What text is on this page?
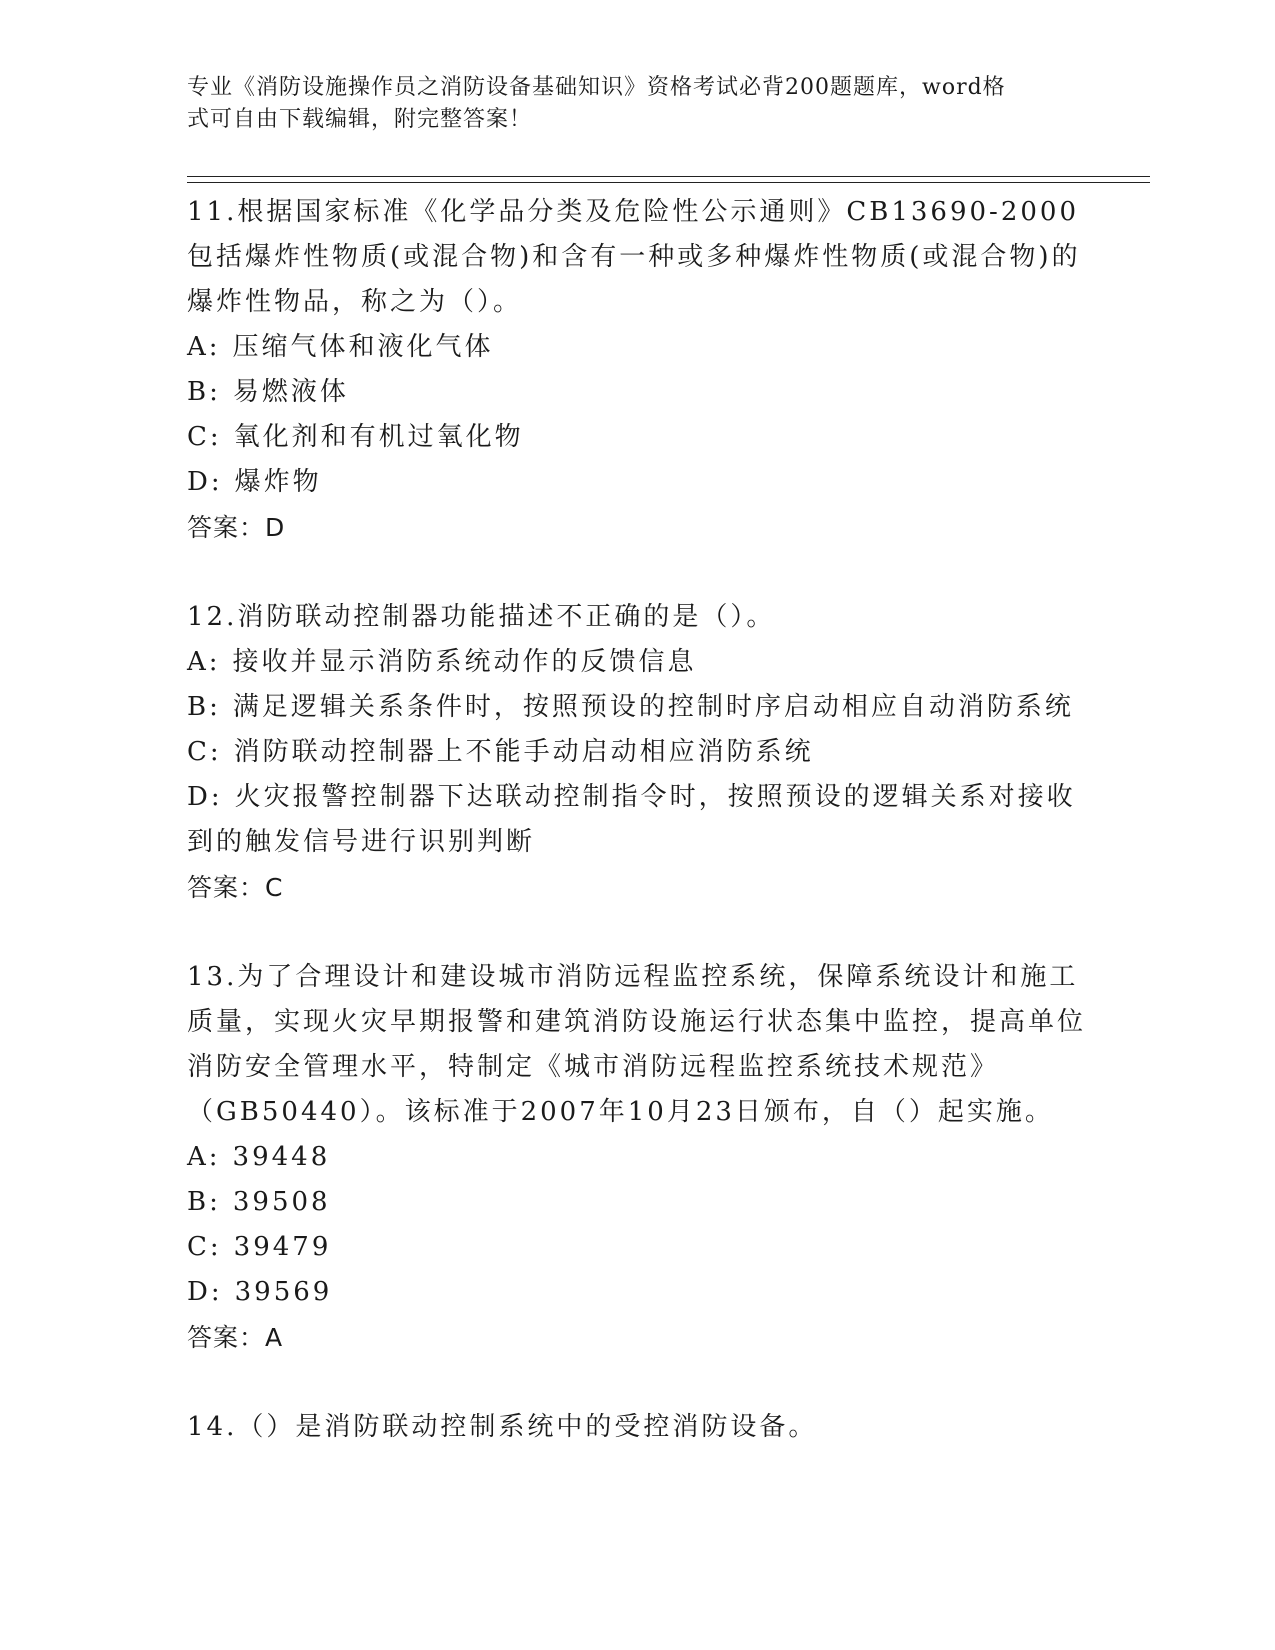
专业《消防设施操作员之消防设备基础知识》资格考试必背200题题库，word格
式可自由下载编辑，附完整答案！

11.根据国家标准《化学品分类及危险性公示通则》CB13690-2000包括爆炸性物质(或混合物)和含有一种或多种爆炸性物质(或混合物)的爆炸性物品，称之为（）。

A: 压缩气体和液化气体

B: 易燃液体

C: 氧化剂和有机过氧化物

D: 爆炸物

答案：D

12.消防联动控制器功能描述不正确的是（）。

A: 接收并显示消防系统动作的反馈信息

B: 满足逻辑关系条件时，按照预设的控制时序启动相应自动消防系统

C: 消防联动控制器上不能手动启动相应消防系统

D: 火灾报警控制器下达联动控制指令时，按照预设的逻辑关系对接收到的触发信号进行识别判断

答案：C

13.为了合理设计和建设城市消防远程监控系统，保障系统设计和施工质量，实现火灾早期报警和建筑消防设施运行状态集中监控，提高单位消防安全管理水平，特制定《城市消防远程监控系统技术规范》（GB50440）。该标准于2007年10月23日颁布，自（）起实施。

A: 39448

B: 39508

C: 39479

D: 39569

答案：A

14.（）是消防联动控制系统中的受控消防设备。
